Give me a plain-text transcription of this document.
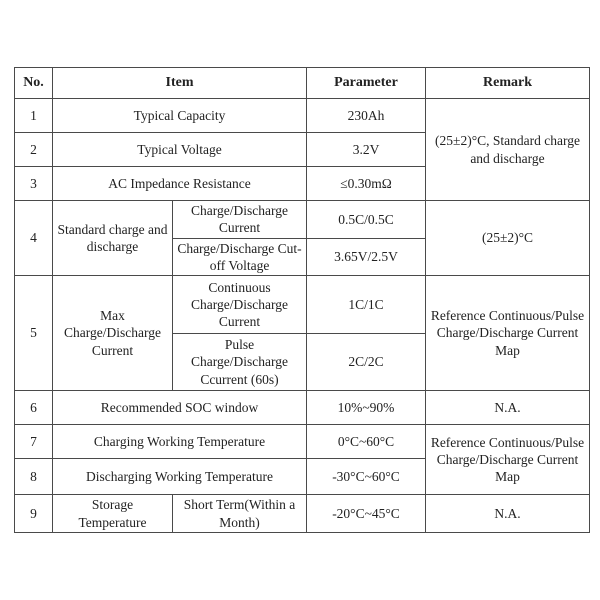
No.	Item		Parameter	Remark
1	Typical Capacity		230Ah	(25±2)°C, Standard charge and discharge
2	Typical Voltage		3.2V	
3	AC Impedance Resistance		≤0.30mΩ	
4	Standard charge and discharge	Charge/Discharge Current	0.5C/0.5C	(25±2)°C
		Charge/Discharge Cut-off Voltage	3.65V/2.5V	
5	Max Charge/Discharge Current	Continuous Charge/Discharge Current	1C/1C	Reference Continuous/Pulse Charge/Discharge Current Map
		Pulse Charge/Discharge Ccurrent (60s)	2C/2C	
6	Recommended SOC window		10%~90%	N.A.
7	Charging Working Temperature		0°C~60°C	Reference Continuous/Pulse Charge/Discharge Current Map
8	Discharging Working Temperature		-30°C~60°C	
9	Storage Temperature	Short Term(Within a Month)	-20°C~45°C	N.A.
